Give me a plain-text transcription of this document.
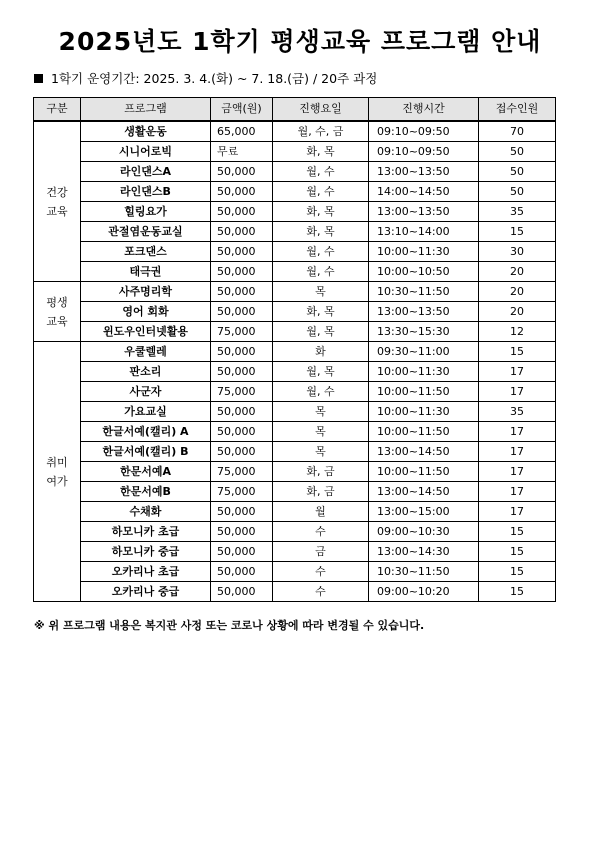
2025년도 1학기 평생교육 프로그램 안내
1학기 운영기간: 2025. 3. 4.(화) ~ 7. 18.(금) / 20주 과정
구분	프로그램	금액(원)	진행요일	진행시간	접수인원
건강
교육	생활운동	65,000	월, 수, 금	09:10~09:50	70
	시니어로빅	무료	화, 목	09:10~09:50	50
	라인댄스A	50,000	월, 수	13:00~13:50	50
	라인댄스B	50,000	월, 수	14:00~14:50	50
	힐링요가	50,000	화, 목	13:00~13:50	35
	관절염운동교실	50,000	화, 목	13:10~14:00	15
	포크댄스	50,000	월, 수	10:00~11:30	30
	태극권	50,000	월, 수	10:00~10:50	20
평생
교육	사주명리학	50,000	목	10:30~11:50	20
	영어 회화	50,000	화, 목	13:00~13:50	20
	윈도우인터넷활용	75,000	월, 목	13:30~15:30	12
취미
여가	우쿨렐레	50,000	화	09:30~11:00	15
	판소리	50,000	월, 목	10:00~11:30	17
	사군자	75,000	월, 수	10:00~11:50	17
	가요교실	50,000	목	10:00~11:30	35
	한글서예(캘리) A	50,000	목	10:00~11:50	17
	한글서예(캘리) B	50,000	목	13:00~14:50	17
	한문서예A	75,000	화, 금	10:00~11:50	17
	한문서예B	75,000	화, 금	13:00~14:50	17
	수채화	50,000	월	13:00~15:00	17
	하모니카 초급	50,000	수	09:00~10:30	15
	하모니카 중급	50,000	금	13:00~14:30	15
	오카리나 초급	50,000	수	10:30~11:50	15
	오카리나 중급	50,000	수	09:00~10:20	15
※ 위 프로그램 내용은 복지관 사정 또는 코로나 상황에 따라 변경될 수 있습니다.
